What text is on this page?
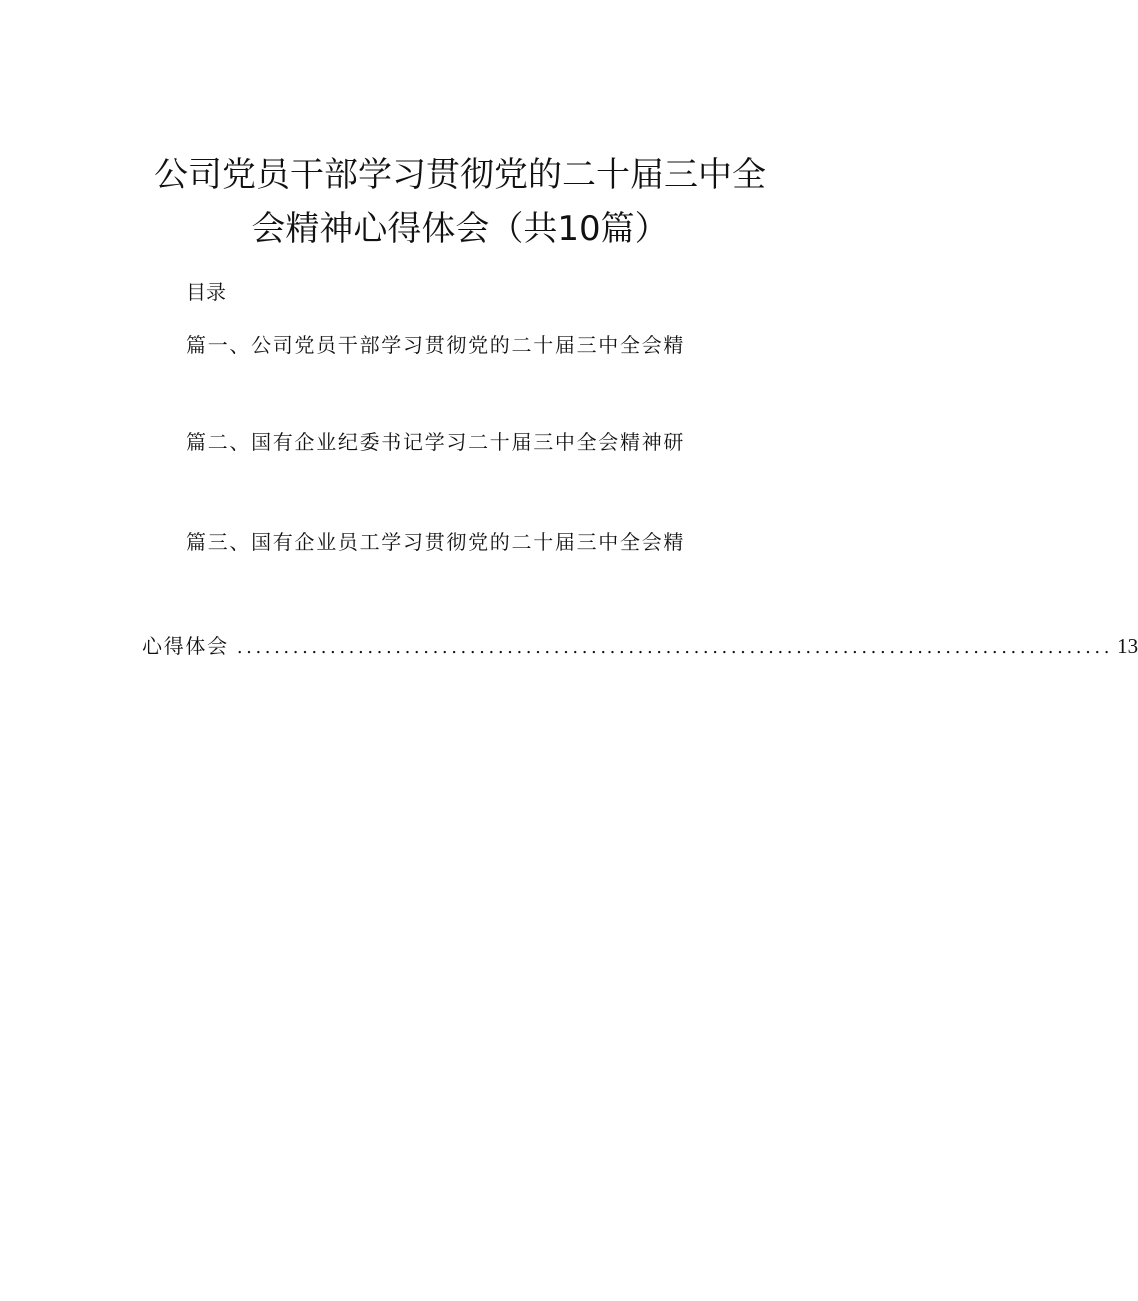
公司党员干部学习贯彻党的二十届三中全
会精神心得体会（共10篇）
目录
篇一、公司党员干部学习贯彻党的二十届三中全会精
篇二、国有企业纪委书记学习二十届三中全会精神研
篇三、国有企业员工学习贯彻党的二十届三中全会精
心得体会 .............................................................................................. 13
